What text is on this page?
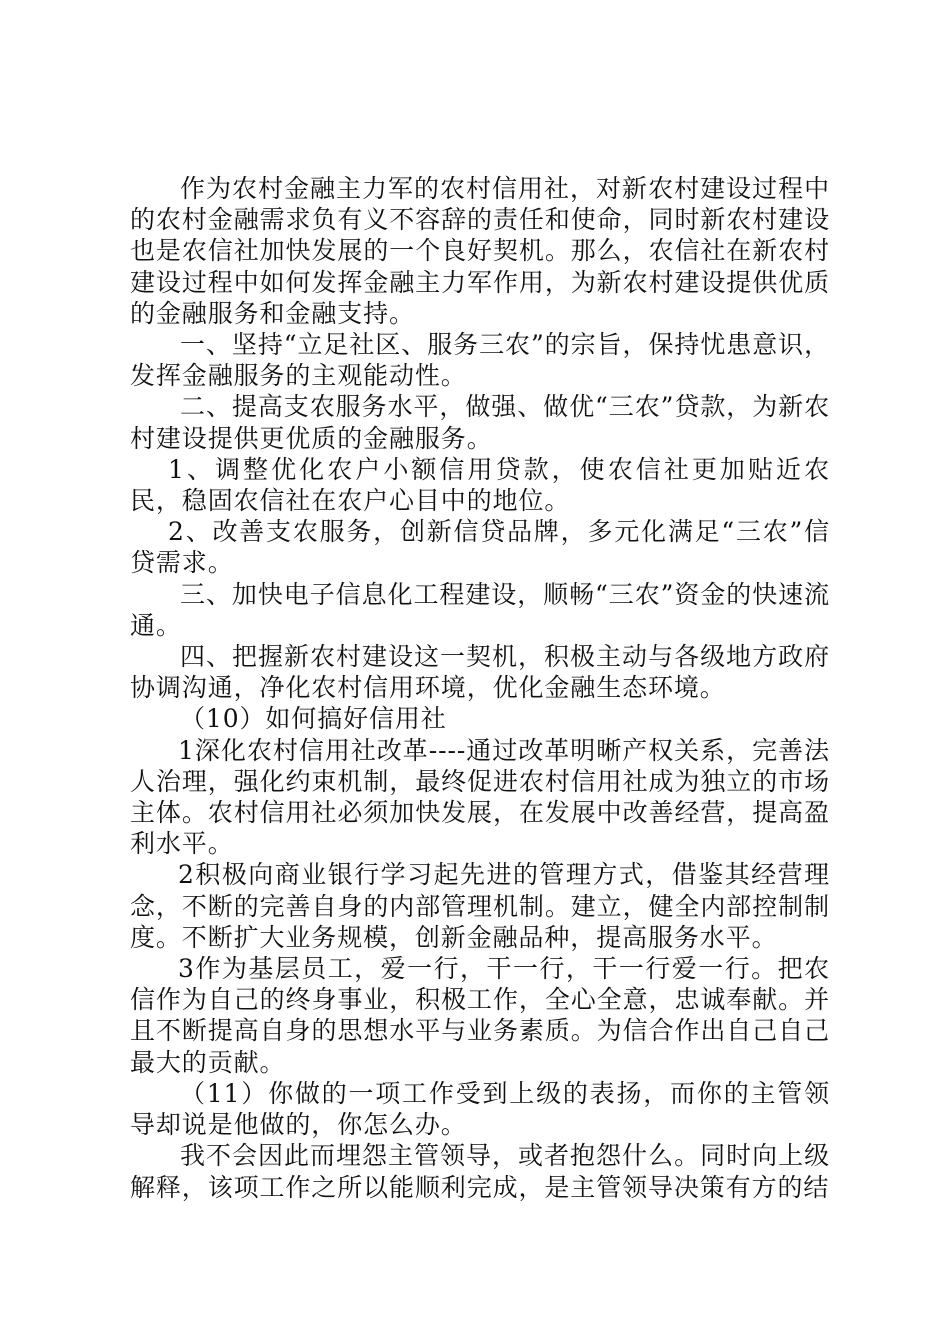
作为农村金融主力军的农村信用社，对新农村建设过程中的农村金融需求负有义不容辞的责任和使命，同时新农村建设也是农信社加快发展的一个良好契机。那么，农信社在新农村建设过程中如何发挥金融主力军作用，为新农村建设提供优质的金融服务和金融支持。

一、坚持“立足社区、服务三农”的宗旨，保持忧患意识，发挥金融服务的主观能动性。

二、提高支农服务水平，做强、做优“三农”贷款，为新农村建设提供更优质的金融服务。

1、调整优化农户小额信用贷款，使农信社更加贴近农民，稳固农信社在农户心目中的地位。

2、改善支农服务，创新信贷品牌，多元化满足“三农”信贷需求。

三、加快电子信息化工程建设，顺畅“三农”资金的快速流通。

四、把握新农村建设这一契机，积极主动与各级地方政府协调沟通，净化农村信用环境，优化金融生态环境。

（10）如何搞好信用社

1深化农村信用社改革----通过改革明晰产权关系，完善法人治理，强化约束机制，最终促进农村信用社成为独立的市场主体。农村信用社必须加快发展，在发展中改善经营，提高盈利水平。

2积极向商业银行学习起先进的管理方式，借鉴其经营理念，不断的完善自身的内部管理机制。建立，健全内部控制制度。不断扩大业务规模，创新金融品种，提高服务水平。

3作为基层员工，爱一行，干一行，干一行爱一行。把农信作为自己的终身事业，积极工作，全心全意，忠诚奉献。并且不断提高自身的思想水平与业务素质。为信合作出自己自己最大的贡献。

（11）你做的一项工作受到上级的表扬，而你的主管领导却说是他做的，你怎么办。

我不会因此而埋怨主管领导，或者抱怨什么。同时向上级解释，该项工作之所以能顺利完成，是主管领导决策有方的结
